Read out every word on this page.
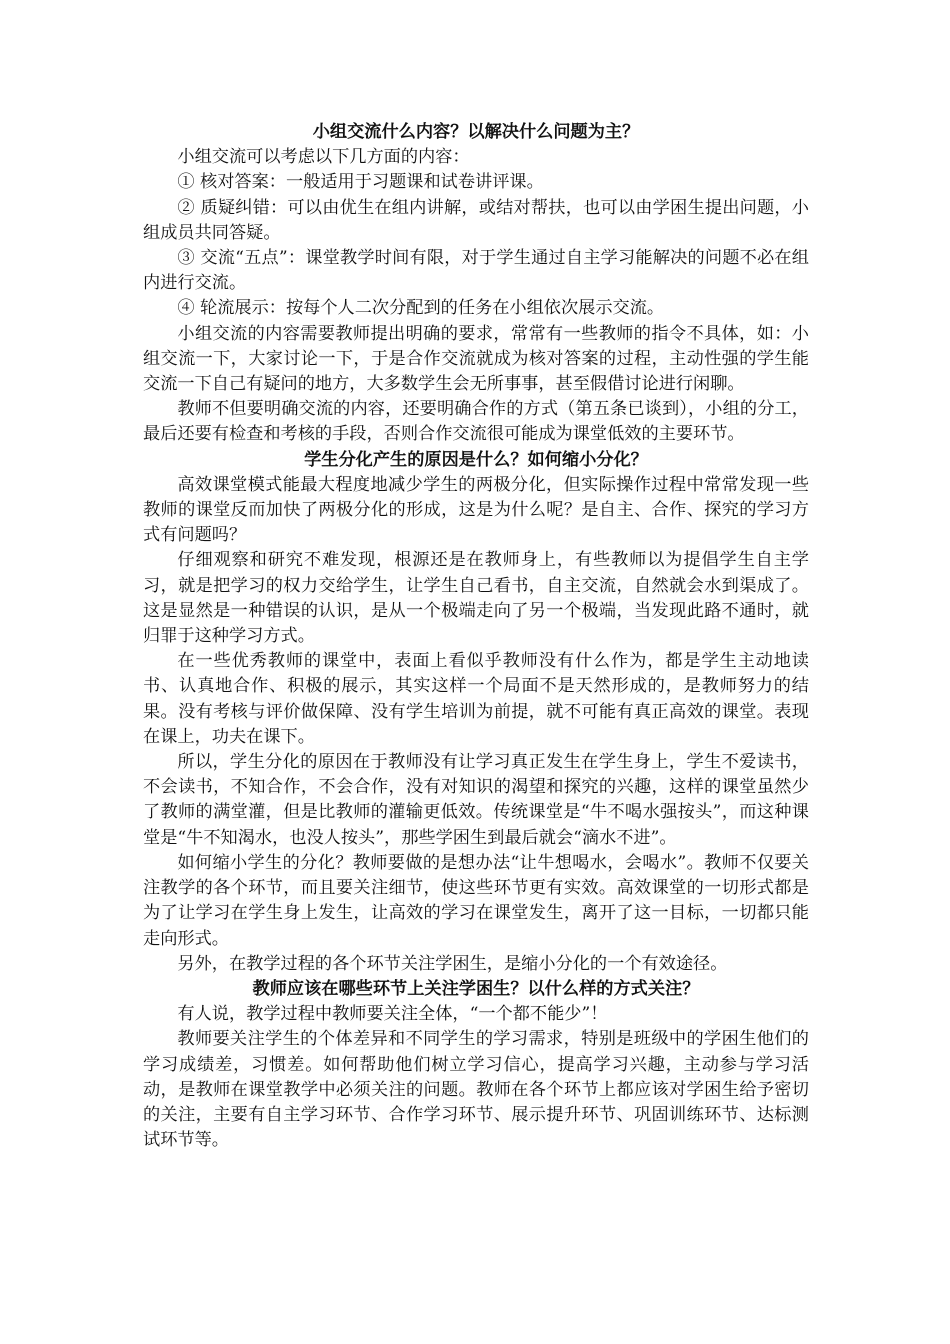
小组交流什么内容？以解决什么问题为主？

小组交流可以考虑以下几方面的内容：

① 核对答案：一般适用于习题课和试卷讲评课。

② 质疑纠错：可以由优生在组内讲解，或结对帮扶，也可以由学困生提出问题，小组成员共同答疑。

③ 交流“五点”：课堂教学时间有限，对于学生通过自主学习能解决的问题不必在组内进行交流。

④ 轮流展示：按每个人二次分配到的任务在小组依次展示交流。

小组交流的内容需要教师提出明确的要求，常常有一些教师的指令不具体，如：小组交流一下，大家讨论一下，于是合作交流就成为核对答案的过程，主动性强的学生能交流一下自己有疑问的地方，大多数学生会无所事事，甚至假借讨论进行闲聊。

教师不但要明确交流的内容，还要明确合作的方式（第五条已谈到），小组的分工，最后还要有检查和考核的手段，否则合作交流很可能成为课堂低效的主要环节。

学生分化产生的原因是什么？如何缩小分化？

高效课堂模式能最大程度地减少学生的两极分化，但实际操作过程中常常发现一些教师的课堂反而加快了两极分化的形成，这是为什么呢？是自主、合作、探究的学习方式有问题吗？

仔细观察和研究不难发现，根源还是在教师身上，有些教师以为提倡学生自主学习，就是把学习的权力交给学生，让学生自己看书，自主交流，自然就会水到渠成了。这是显然是一种错误的认识，是从一个极端走向了另一个极端，当发现此路不通时，就归罪于这种学习方式。

在一些优秀教师的课堂中，表面上看似乎教师没有什么作为，都是学生主动地读书、认真地合作、积极的展示，其实这样一个局面不是天然形成的，是教师努力的结果。没有考核与评价做保障、没有学生培训为前提，就不可能有真正高效的课堂。表现在课上，功夫在课下。

所以，学生分化的原因在于教师没有让学习真正发生在学生身上，学生不爱读书，不会读书，不知合作，不会合作，没有对知识的渴望和探究的兴趣，这样的课堂虽然少了教师的满堂灌，但是比教师的灌输更低效。传统课堂是“牛不喝水强按头”，而这种课堂是“牛不知渴水，也没人按头”，那些学困生到最后就会“滴水不进”。

如何缩小学生的分化？教师要做的是想办法“让牛想喝水，会喝水”。教师不仅要关注教学的各个环节，而且要关注细节，使这些环节更有实效。高效课堂的一切形式都是为了让学习在学生身上发生，让高效的学习在课堂发生，离开了这一目标，一切都只能走向形式。

另外，在教学过程的各个环节关注学困生，是缩小分化的一个有效途径。

教师应该在哪些环节上关注学困生？以什么样的方式关注？

有人说，教学过程中教师要关注全体，“一个都不能少”！

教师要关注学生的个体差异和不同学生的学习需求，特别是班级中的学困生他们的学习成绩差，习惯差。如何帮助他们树立学习信心，提高学习兴趣，主动参与学习活动，是教师在课堂教学中必须关注的问题。教师在各个环节上都应该对学困生给予密切的关注，主要有自主学习环节、合作学习环节、展示提升环节、巩固训练环节、达标测试环节等。
